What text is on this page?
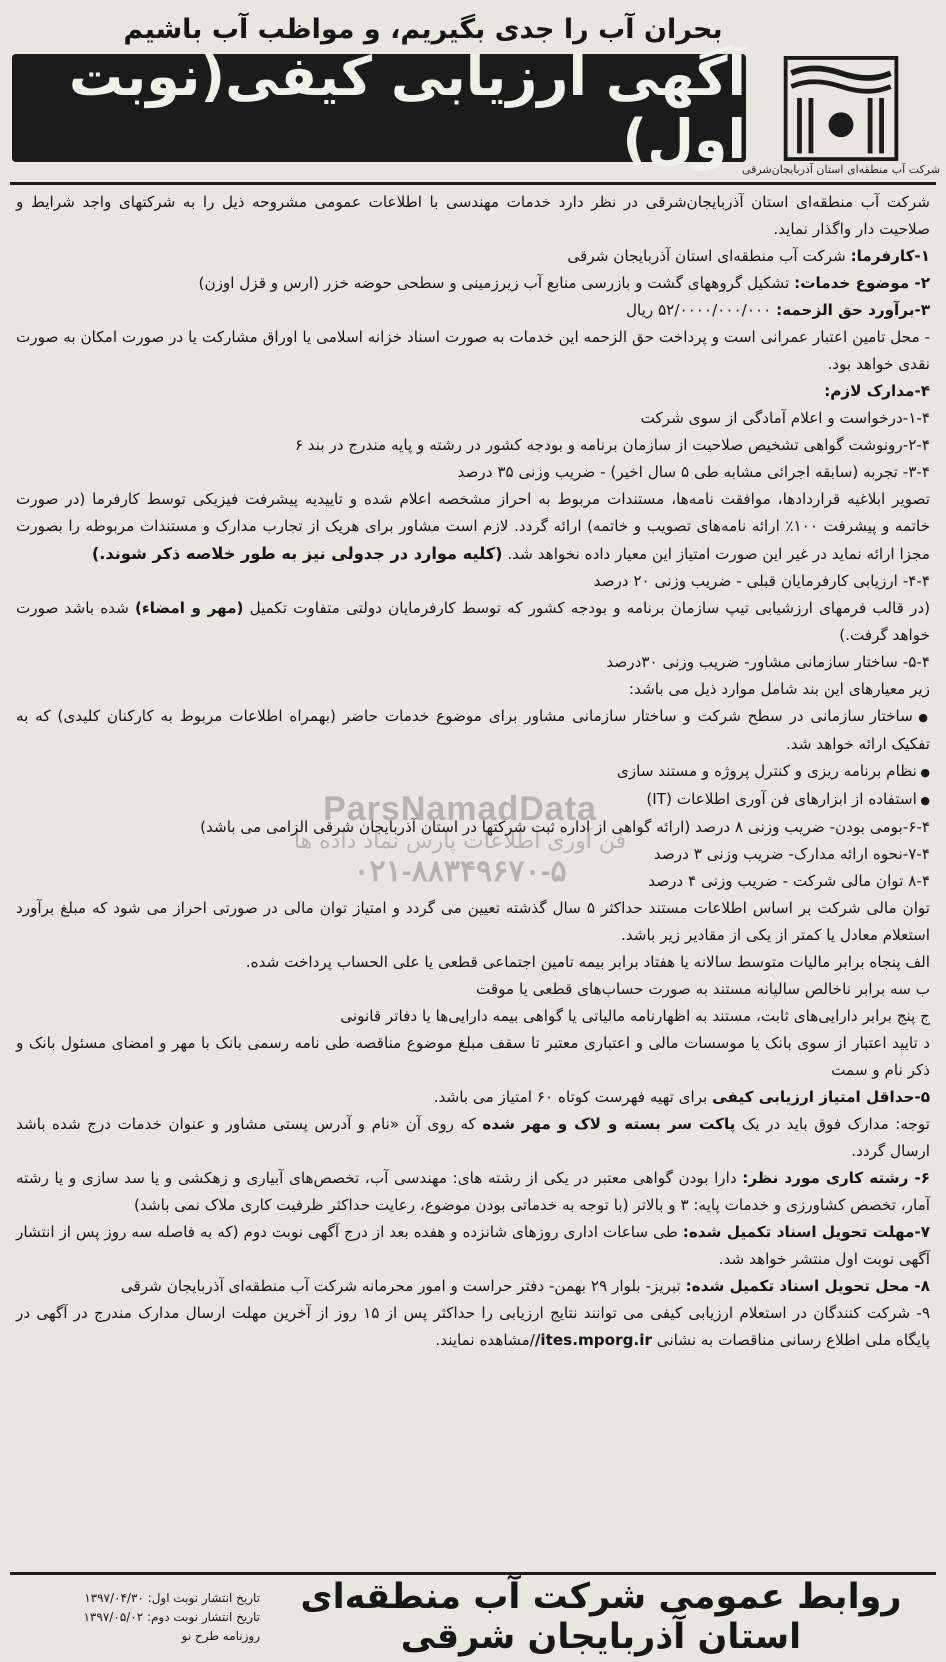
بحران آب را جدی بگیریم، و مواظب آب باشیم
شرکت آب منطقه‌ای استان آذربایجان‌شرقی
آگهی ارزیابی کیفی(نوبت اول)

شرکت آب منطقه‌ای استان آذربایجان‌شرقی در نظر دارد خدمات مهندسی با اطلاعات عمومی مشروحه ذیل را به شرکتهای واجد شرایط و صلاحیت دار واگذار نماید.

۱-کارفرما: شرکت آب منطقه‌ای استان آذربایجان شرقی

۲- موضوع خدمات: تشکیل گروههای گشت و بازرسی منابع آب زیرزمینی و سطحی حوضه خزر (ارس و قزل اوزن)

۳-برآورد حق الزحمه: ۵۲/۰۰۰۰/۰۰۰/۰۰۰ ریال

- محل تامین اعتبار عمرانی است و پرداخت حق الزحمه این خدمات به صورت اسناد خزانه اسلامی یا اوراق مشارکت یا در صورت امکان به صورت نقدی خواهد بود.

۴-مدارک لازم:

۱-۴-درخواست و اعلام آمادگی از سوی شرکت

۲-۴-رونوشت گواهی تشخیص صلاحیت از سازمان برنامه و بودجه کشور در رشته و پایه مندرج در بند ۶

۳-۴- تجربه (سابقه اجرائی مشابه طی ۵ سال اخیر) - ضریب وزنی ۳۵ درصد

تصویر ابلاغیه قراردادها، موافقت نامه‌ها، مستندات مربوط به احراز مشخصه اعلام شده و تاییدیه پیشرفت فیزیکی توسط کارفرما (در صورت خاتمه و پیشرفت ۱۰۰٪ ارائه نامه‌های تصویب و خاتمه) ارائه گردد. لازم است مشاور برای هریک از تجارب مدارک و مستندات مربوطه را بصورت مجزا ارائه نماید در غیر این صورت امتیاز این معیار داده نخواهد شد. (کلیه موارد در جدولی نیز به طور خلاصه ذکر شوند.)

۴-۴- ارزیابی کارفرمایان قبلی - ضریب وزنی ۲۰ درصد

(در قالب فرمهای ارزشیابی تیپ سازمان برنامه و بودجه کشور که توسط کارفرمایان دولتی متفاوت تکمیل (مهر و امضاء) شده باشد صورت خواهد گرفت.)

۵-۴- ساختار سازمانی مشاور- ضریب وزنی ۳۰درصد

زیر معیارهای این بند شامل موارد ذیل می باشد:

● ساختار سازمانی در سطح شرکت و ساختار سازمانی مشاور برای موضوع خدمات حاضر (بهمراه اطلاعات مربوط به کارکنان کلیدی) که به تفکیک ارائه خواهد شد.

● نظام برنامه ریزی و کنترل پروژه و مستند سازی

● استفاده از ابزارهای فن آوری اطلاعات (IT)

۶-۴-بومی بودن- ضریب وزنی ۸ درصد (ارائه گواهی از اداره ثبت شرکتها در استان آذربایجان شرقی الزامی می باشد)

۷-۴-نحوه ارائه مدارک- ضریب وزنی ۳ درصد

۸-۴ توان مالی شرکت - ضریب وزنی ۴ درصد

توان مالی شرکت بر اساس اطلاعات مستند حداکثر ۵ سال گذشته تعیین می گردد و امتیاز توان مالی در صورتی احراز می شود که مبلغ برآورد استعلام معادل یا کمتر از یکی از مقادیر زیر باشد.

الف پنجاه برابر مالیات متوسط سالانه یا هفتاد برابر بیمه تامین اجتماعی قطعی یا علی الحساب پرداخت شده.

ب سه برابر ناخالص سالیانه مستند به صورت حساب‌های قطعی یا موقت

ج پنج برابر دارایی‌های ثابت، مستند به اظهارنامه مالیاتی یا گواهی بیمه دارایی‌ها یا دفاتر قانونی

د تایید اعتبار از سوی بانک یا موسسات مالی و اعتباری معتبر تا سقف مبلغ موضوع مناقصه طی نامه رسمی بانک با مهر و امضای مسئول بانک و ذکر نام و سمت

۵-حداقل امتیاز ارزیابی کیفی برای تهیه فهرست کوتاه ۶۰ امتیاز می باشد.

توجه: مدارک فوق باید در یک پاکت سر بسته و لاک و مهر شده که روی آن «نام و آدرس پستی مشاور و عنوان خدمات درج شده باشد ارسال گردد.

۶- رشته کاری مورد نظر: دارا بودن گواهی معتبر در یکی از رشته های: مهندسی آب، تخصص‌های آبیاری و زهکشی و یا سد سازی و یا رشته آمار، تخصص کشاورزی و خدمات پایه: ۳ و بالاتر (با توجه به خدماتی بودن موضوع، رعایت حداکثر ظرفیت کاری ملاک نمی باشد)

۷-مهلت تحویل اسناد تکمیل شده: طی ساعات اداری روزهای شانزده و هفده بعد از درج آگهی نوبت دوم (که به فاصله سه روز پس از انتشار آگهی نوبت اول منتشر خواهد شد.

۸- محل تحویل اسناد تکمیل شده: تبریز- بلوار ۲۹ بهمن- دفتر حراست و امور محرمانه شرکت آب منطقه‌ای آذربایجان شرقی

۹- شرکت کنندگان در استعلام ارزیابی کیفی می توانند نتایج ارزیابی را حداکثر پس از ۱۵ روز از آخرین مهلت ارسال مدارک مندرج در آگهی در پایگاه ملی اطلاع رسانی مناقصات به نشانی /ites.mporg.ir/مشاهده نمایند.

ParsNamadData
فن آوری اطلاعات پارس نماد داده ها
۰۲۱-۸۸۳۴۹۶۷۰-۵
روابط عمومی شرکت آب منطقه‌ای استان آذربایجان شرقی
تاریخ انتشار نوبت اول: ۱۳۹۷/۰۴/۳۰
تاریخ انتشار نوبت دوم: ۱۳۹۷/۰۵/۰۲
روزنامه طرح نو
